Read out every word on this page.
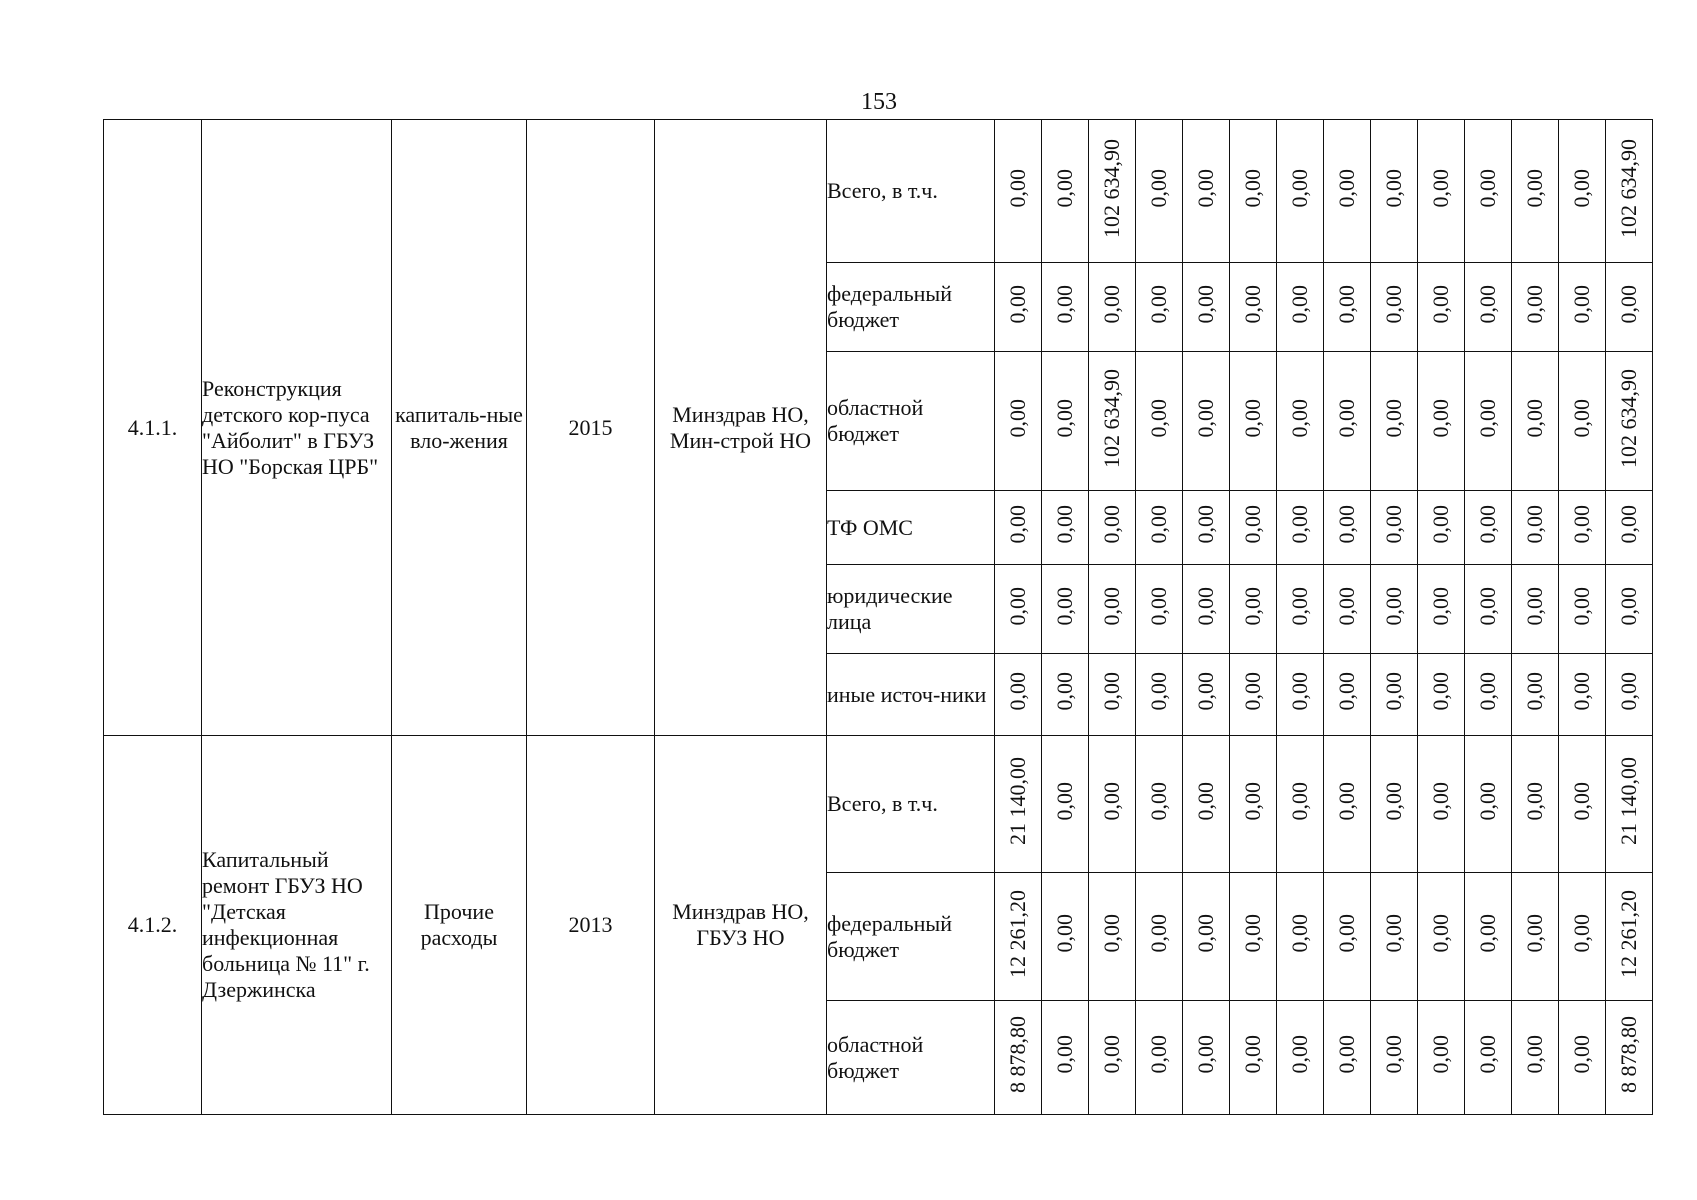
153
4.1.1.	Реконструкция детского кор-пуса "Айболит" в ГБУЗ НО "Борская ЦРБ"	капиталь-ные вло-жения	2015	Минздрав НО, Мин-строй НО	Всего, в т.ч.	0,00	0,00	102 634,90	0,00	0,00	0,00	0,00	0,00	0,00	0,00	0,00	0,00	0,00	102 634,90
					федеральный бюджет	0,00	0,00	0,00	0,00	0,00	0,00	0,00	0,00	0,00	0,00	0,00	0,00	0,00	0,00
					областной бюджет	0,00	0,00	102 634,90	0,00	0,00	0,00	0,00	0,00	0,00	0,00	0,00	0,00	0,00	102 634,90
					ТФ ОМС	0,00	0,00	0,00	0,00	0,00	0,00	0,00	0,00	0,00	0,00	0,00	0,00	0,00	0,00
					юридические лица	0,00	0,00	0,00	0,00	0,00	0,00	0,00	0,00	0,00	0,00	0,00	0,00	0,00	0,00
					иные источ-ники	0,00	0,00	0,00	0,00	0,00	0,00	0,00	0,00	0,00	0,00	0,00	0,00	0,00	0,00
4.1.2.	Капитальный ремонт ГБУЗ НО "Детская инфекционная больница № 11" г. Дзержинска	Прочие расходы	2013	Минздрав НО, ГБУЗ НО	Всего, в т.ч.	21 140,00	0,00	0,00	0,00	0,00	0,00	0,00	0,00	0,00	0,00	0,00	0,00	0,00	21 140,00
					федеральный бюджет	12 261,20	0,00	0,00	0,00	0,00	0,00	0,00	0,00	0,00	0,00	0,00	0,00	0,00	12 261,20
					областной бюджет	8 878,80	0,00	0,00	0,00	0,00	0,00	0,00	0,00	0,00	0,00	0,00	0,00	0,00	8 878,80
